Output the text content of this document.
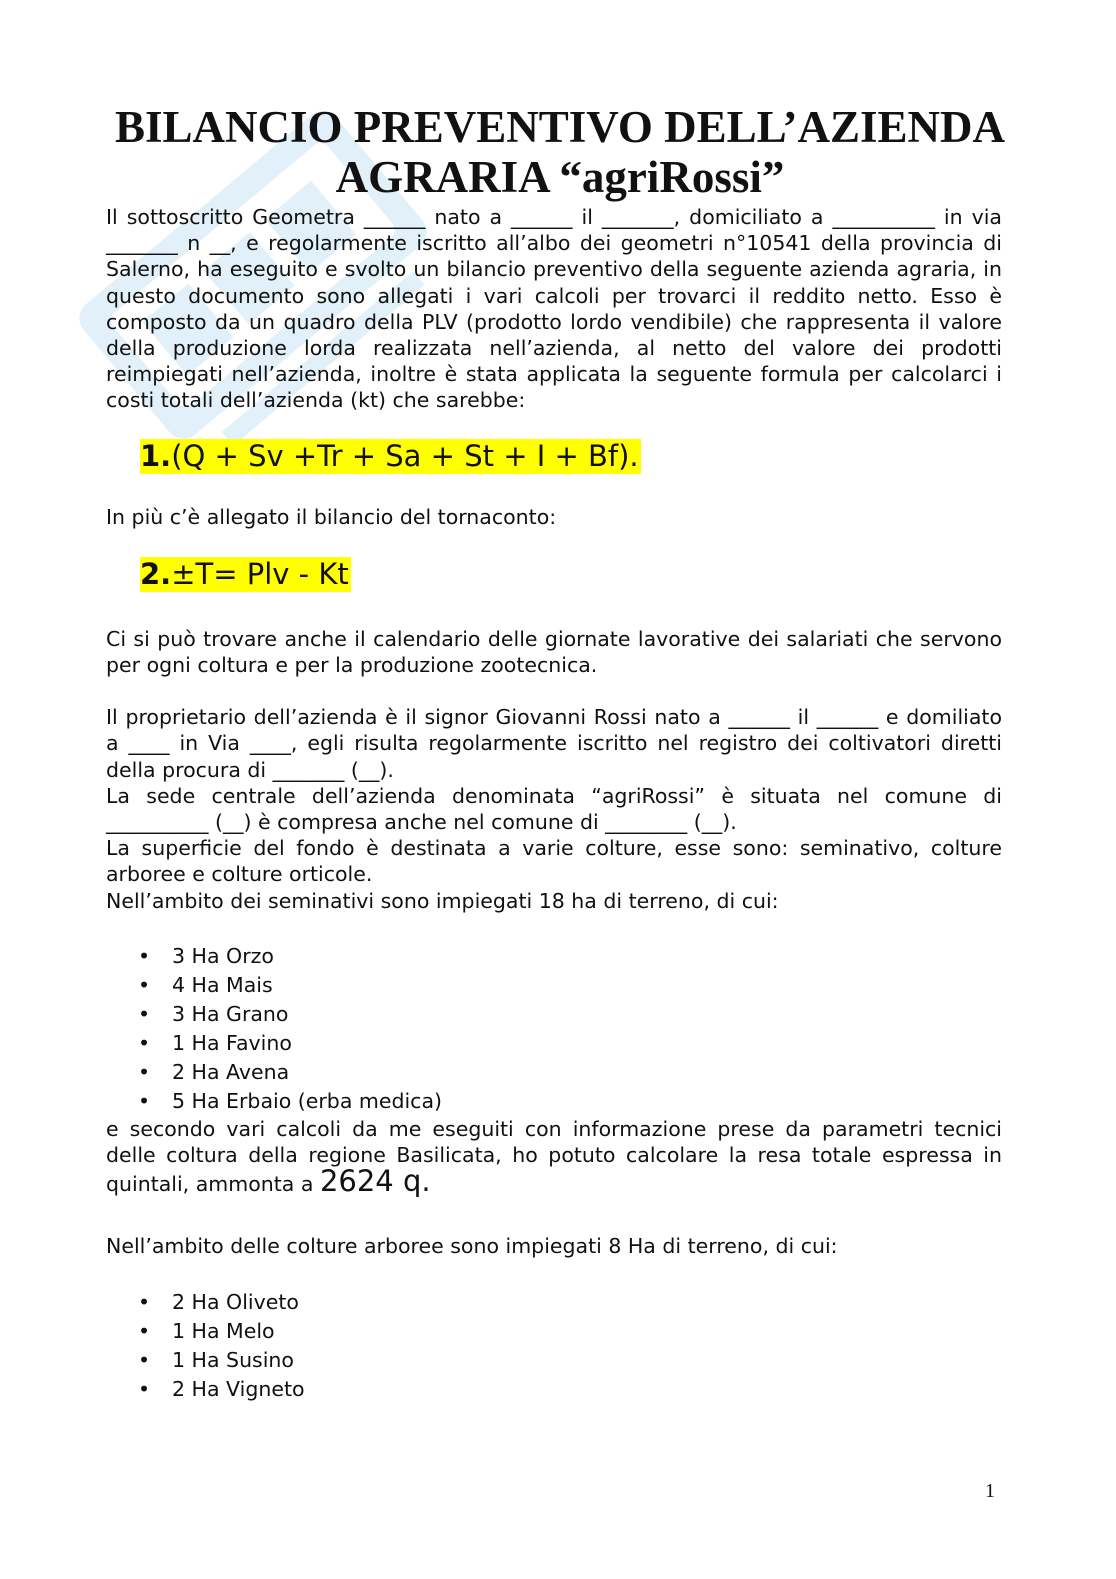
BILANCIO PREVENTIVO DELL’AZIENDA
AGRARIA “agriRossi”

Il sottoscritto Geometra ______ nato a ______ il _______, domiciliato a __________ in via _______ n __, e regolarmente iscritto all’albo dei geometri n°10541 della provincia di Salerno, ha eseguito e svolto un bilancio preventivo della seguente azienda agraria, in questo documento sono allegati i vari calcoli per trovarci il reddito netto. Esso è composto da un quadro della PLV (prodotto lordo vendibile) che rappresenta il valore della produzione lorda realizzata nell’azienda, al netto del valore dei prodotti reimpiegati nell’azienda, inoltre è stata applicata la seguente formula per calcolarci i costi totali dell’azienda (kt) che sarebbe:

1.(Q + Sv +Tr + Sa + St + I + Bf).

In più c’è allegato il bilancio del tornaconto:

2.±T= Plv - Kt

Ci si può trovare anche il calendario delle giornate lavorative dei salariati che servono per ogni coltura e per la produzione zootecnica.

Il proprietario dell’azienda è il signor Giovanni Rossi nato a ______ il ______ e domiliato a ____ in Via ____, egli risulta regolarmente iscritto nel registro dei coltivatori diretti della procura di _______ (__).

La sede centrale dell’azienda denominata “agriRossi” è situata nel comune di __________ (__) è compresa anche nel comune di ________ (__).

La superficie del fondo è destinata a varie colture, esse sono: seminativo, colture arboree e colture orticole.

Nell’ambito dei seminativi sono impiegati 18 ha di terreno, di cui:

• 3 Ha Orzo
• 4 Ha Mais
• 3 Ha Grano
• 1 Ha Favino
• 2 Ha Avena
• 5 Ha Erbaio (erba medica)

e secondo vari calcoli da me eseguiti con informazione prese da parametri tecnici delle coltura della regione Basilicata, ho potuto calcolare la resa totale espressa in quintali, ammonta a 2624 q.

Nell’ambito delle colture arboree sono impiegati 8 Ha di terreno, di cui:

• 2 Ha Oliveto
• 1 Ha Melo
• 1 Ha Susino
• 2 Ha Vigneto
1
